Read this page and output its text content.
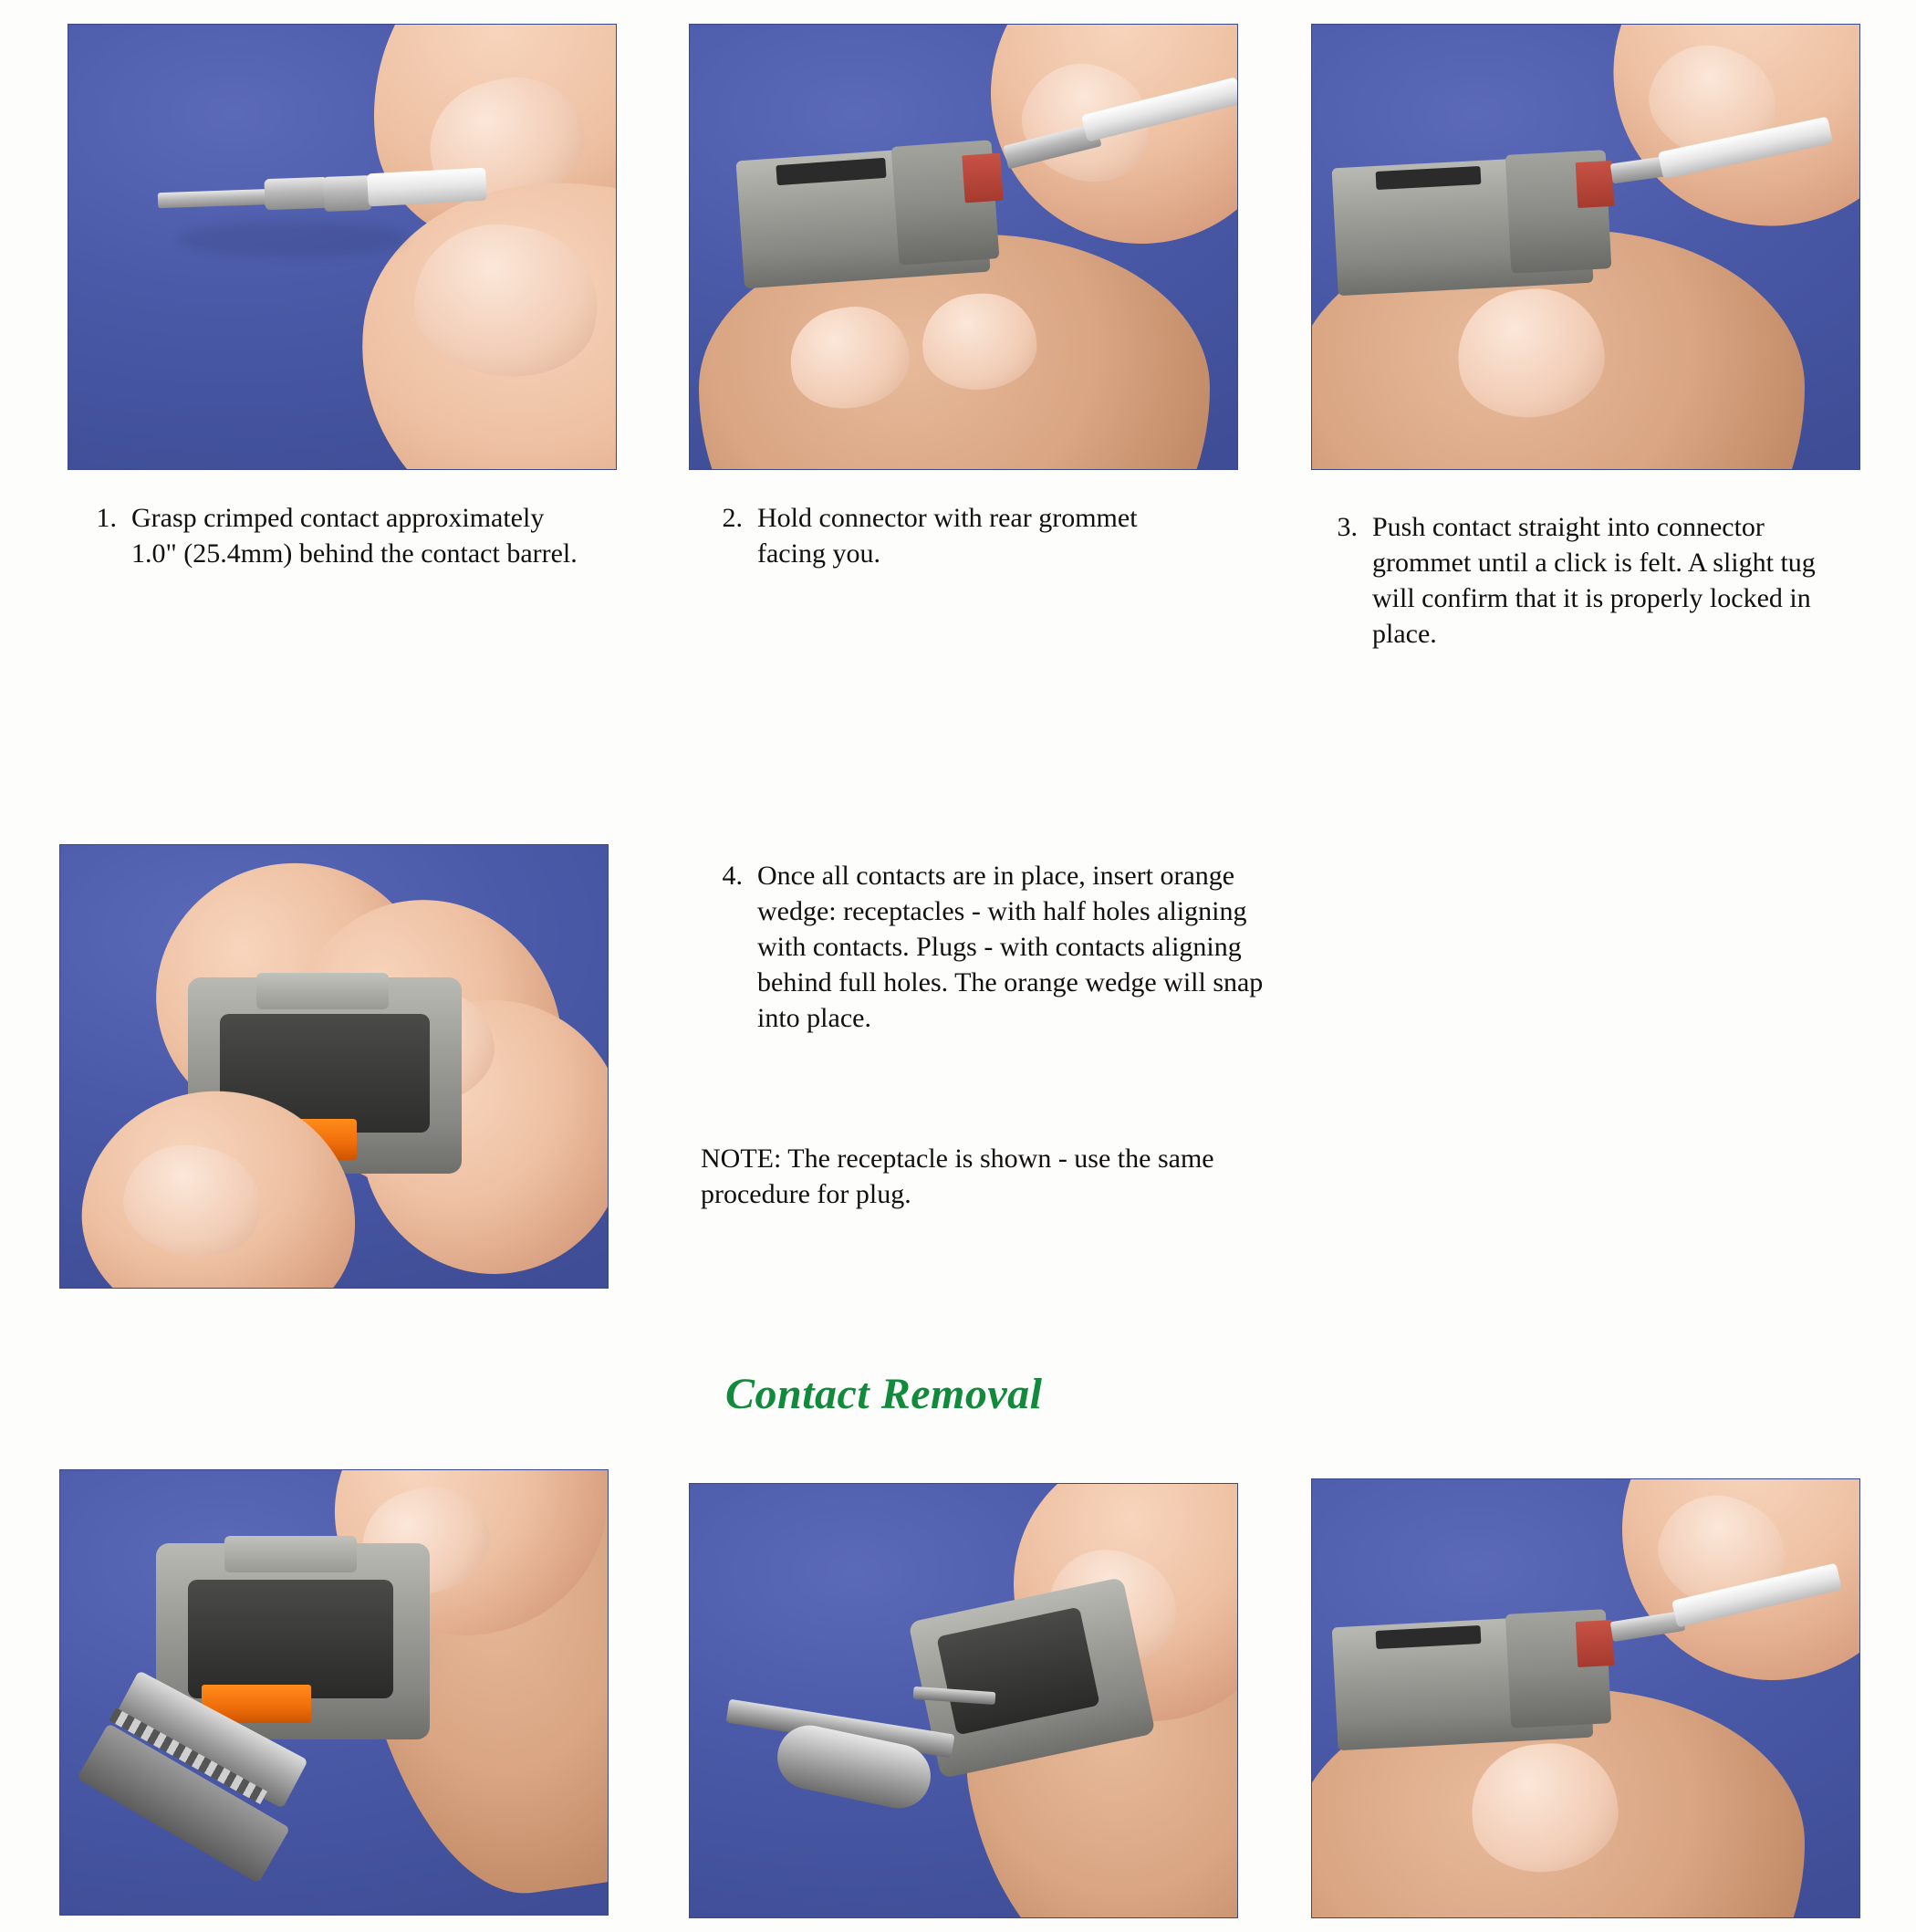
1. Grasp crimped contact approximately 1.0" (25.4mm) behind the contact barrel.
2. Hold connector with rear grommet facing you.
3. Push contact straight into connector grommet until a click is felt. A slight tug will confirm that it is properly locked in place.
4. Once all contacts are in place, insert orange wedge: receptacles - with half holes aligning with contacts. Plugs - with contacts aligning behind full holes. The orange wedge will snap into place.
NOTE: The receptacle is shown - use the same procedure for plug.
Contact Removal
